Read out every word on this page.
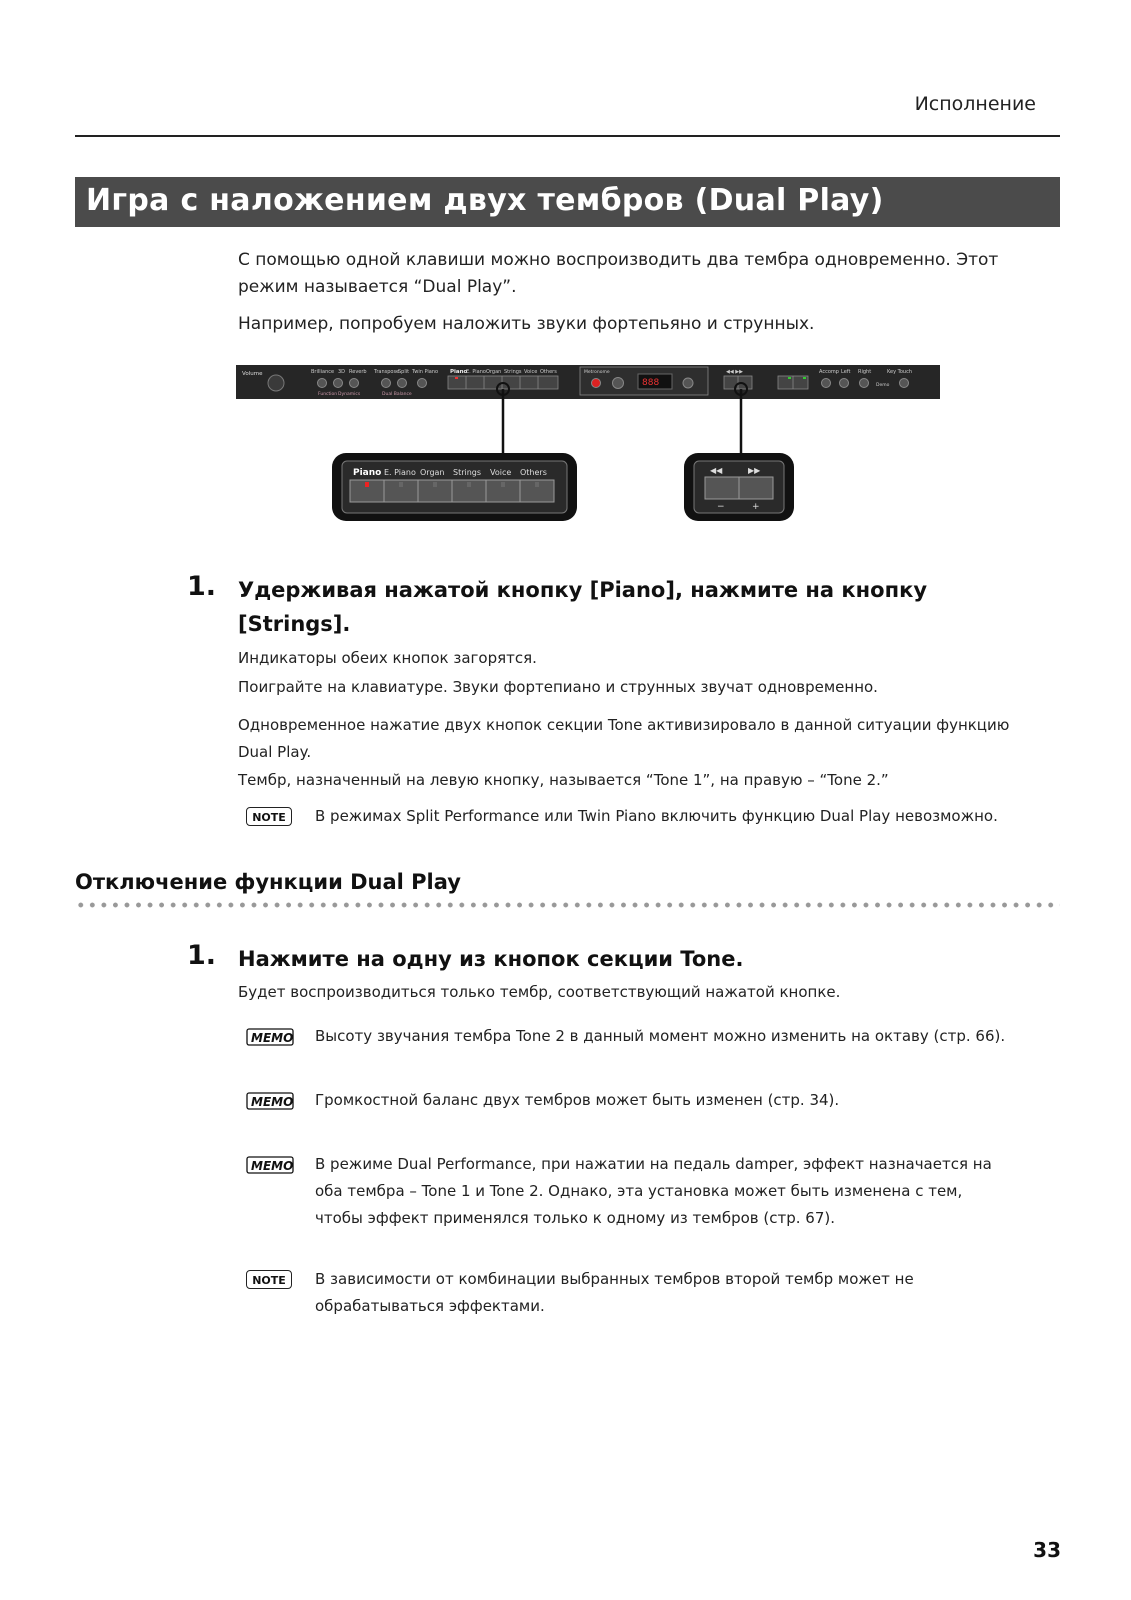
Исполнение
Игра с наложением двух тембров (Dual Play)
С помощью одной клавиши можно воспроизводить два тембра одновременно. Этот
режим называется “Dual Play”.
Например, попробуем наложить звуки фортепьяно и струнных.
Volume	Brilliance 3D Reverb
Function Dynamics
Transpose
Split Twin Piano
Dual Balance
Piano
E. Piano Organ Strings Voice Others	Metronome
888
◀◀ ▶▶	Accomp Left Right	Key Touch
Demo
Piano E. Piano Organ Strings Voice Others	◀◀	▶▶
−	+
1. Удерживая нажатой кнопку [Piano], нажмите на кнопку
[Strings].
Индикаторы обеих кнопок загорятся.
Поиграйте на клавиатуре. Звуки фортепиано и струнных звучат одновременно.
Одновременное нажатие двух кнопок секции Tone активизировало в данной ситуации функцию
Dual Play.
Тембр, назначенный на левую кнопку, называется “Tone 1”, на правую – “Tone 2.”
NOTE	В режимах Split Performance или Twin Piano включить функцию Dual Play невозможно.
Отключение функции Dual Play
1. Нажмите на одну из кнопок секции Tone.
Будет воспроизводиться только тембр, соответствующий нажатой кнопке.
MEMO Высоту звучания тембра Tone 2 в данный момент можно изменить на октаву (стр. 66).
MEMO Громкостной баланс двух тембров может быть изменен (стр. 34).
MEMO В режиме Dual Performance, при нажатии на педаль damper, эффект назначается на
оба тембра – Tone 1 и Tone 2. Однако, эта установка может быть изменена с тем,
чтобы эффект применялся только к одному из тембров (стр. 67).
NOTE	В зависимости от комбинации выбранных тембров второй тембр может не
обрабатываться эффектами.
33
